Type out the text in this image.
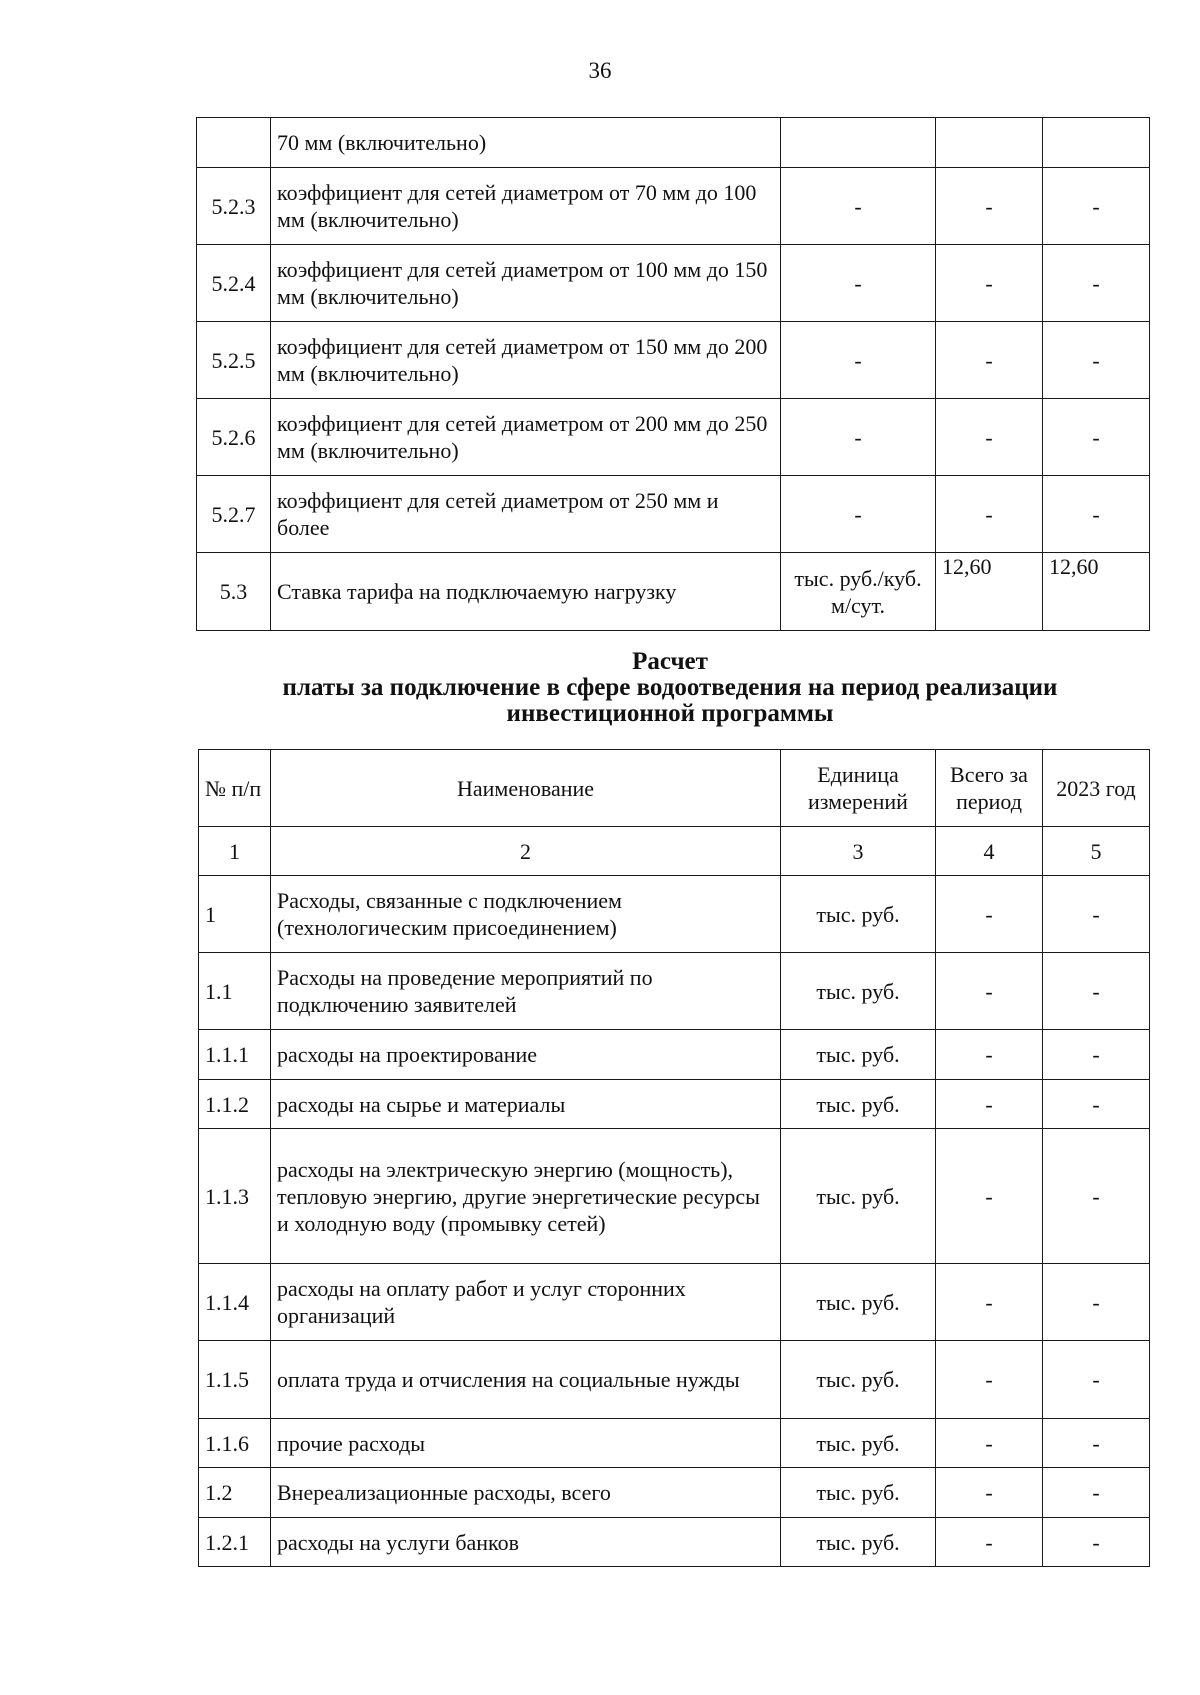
36
	70 мм (включительно)			
5.2.3	коэффициент для сетей диаметром от 70 мм до 100 мм (включительно)	-	-	-
5.2.4	коэффициент для сетей диаметром от 100 мм до 150 мм (включительно)	-	-	-
5.2.5	коэффициент для сетей диаметром от 150 мм до 200 мм (включительно)	-	-	-
5.2.6	коэффициент для сетей диаметром от 200 мм до 250 мм (включительно)	-	-	-
5.2.7	коэффициент для сетей диаметром от 250 мм и более	-	-	-
5.3	Ставка тарифа на подключаемую нагрузку	тыс. руб./куб. м/сут.	12,60	12,60
Расчет
платы за подключение в сфере водоотведения на период реализации
инвестиционной программы
№ п/п	Наименование	Единица измерений	Всего за период	2023 год
1	2	3	4	5
1	Расходы, связанные с подключением (технологическим присоединением)	тыс. руб.	-	-
1.1	Расходы на проведение мероприятий по подключению заявителей	тыс. руб.	-	-
1.1.1	расходы на проектирование	тыс. руб.	-	-
1.1.2	расходы на сырье и материалы	тыс. руб.	-	-
1.1.3	расходы на электрическую энергию (мощность), тепловую энергию, другие энергетические ресурсы и холодную воду (промывку сетей)	тыс. руб.	-	-
1.1.4	расходы на оплату работ и услуг сторонних организаций	тыс. руб.	-	-
1.1.5	оплата труда и отчисления на социальные нужды	тыс. руб.	-	-
1.1.6	прочие расходы	тыс. руб.	-	-
1.2	Внереализационные расходы, всего	тыс. руб.	-	-
1.2.1	расходы на услуги банков	тыс. руб.	-	-
